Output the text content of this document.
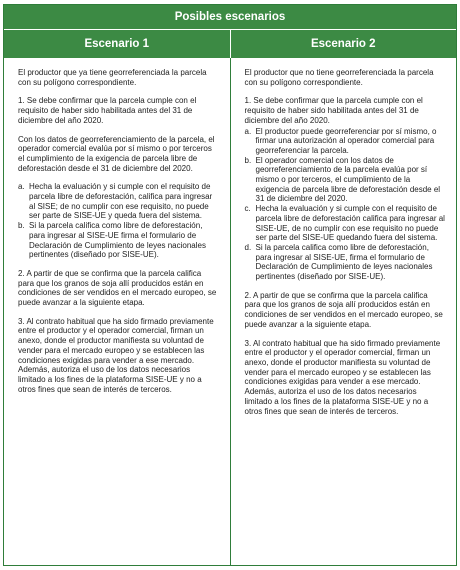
Posibles escenarios
Escenario 1	Escenario 2

El productor que ya tiene georreferenciada la parcela con su polígono correspondiente.

1. Se debe confirmar que la parcela cumple con el requisito de haber sido habilitada antes del 31 de diciembre del año 2020.

Con los datos de georreferenciamiento de la parcela, el operador comercial evalúa por sí mismo o por terceros el cumplimiento de la exigencia de parcela libre de deforestación desde el 31 de diciembre del 2020.

a. Hecha la evaluación y si cumple con el requisito de parcela libre de deforestación, califica para ingresar al SISE; de no cumplir con ese requisito, no puede ser parte de SISE-UE y queda fuera del sistema.
b. Si la parcela califica como libre de deforestación, para ingresar al SISE-UE firma el formulario de Declaración de Cumplimiento de leyes nacionales pertinentes (diseñado por SISE-UE).

2. A partir de que se confirma que la parcela califica para que los granos de soja allí producidos están en condiciones de ser vendidos en el mercado europeo, se puede avanzar a la siguiente etapa.

3. Al contrato habitual que ha sido firmado previamente entre el productor y el operador comercial, firman un anexo, donde el productor manifiesta su voluntad de vender para el mercado europeo y se establecen las condiciones exigidas para vender a ese mercado. Además, autoriza el uso de los datos necesarios limitado a los fines de la plataforma SISE-UE y no a otros fines que sean de interés de terceros.

El productor que no tiene georreferenciada la parcela con su polígono correspondiente.

1. Se debe confirmar que la parcela cumple con el requisito de haber sido habilitada antes del 31 de diciembre del año 2020.

a. El productor puede georreferenciar por sí mismo, o firmar una autorización al operador comercial para georreferenciar la parcela.
b. El operador comercial con los datos de georreferenciamiento de la parcela evalúa por sí mismo o por terceros, el cumplimiento de la exigencia de parcela libre de deforestación desde el 31 de diciembre del 2020.
c. Hecha la evaluación y si cumple con el requisito de parcela libre de deforestación califica para ingresar al SISE-UE, de no cumplir con ese requisito no puede ser parte del SISE-UE quedando fuera del sistema.
d. Si la parcela califica como libre de deforestación, para ingresar al SISE-UE, firma el formulario de Declaración de Cumplimiento de leyes nacionales pertinentes (diseñado por SISE-UE).

2. A partir de que se confirma que la parcela califica para que los granos de soja allí producidos están en condiciones de ser vendidos en el mercado europeo, se puede avanzar a la siguiente etapa.

3. Al contrato habitual que ha sido firmado previamente entre el productor y el operador comercial, firman un anexo, donde el productor manifiesta su voluntad de vender para el mercado europeo y se establecen las condiciones exigidas para vender a ese mercado. Además, autoriza el uso de los datos necesarios limitado a los fines de la plataforma SISE-UE y no a otros fines que sean de interés de terceros.
